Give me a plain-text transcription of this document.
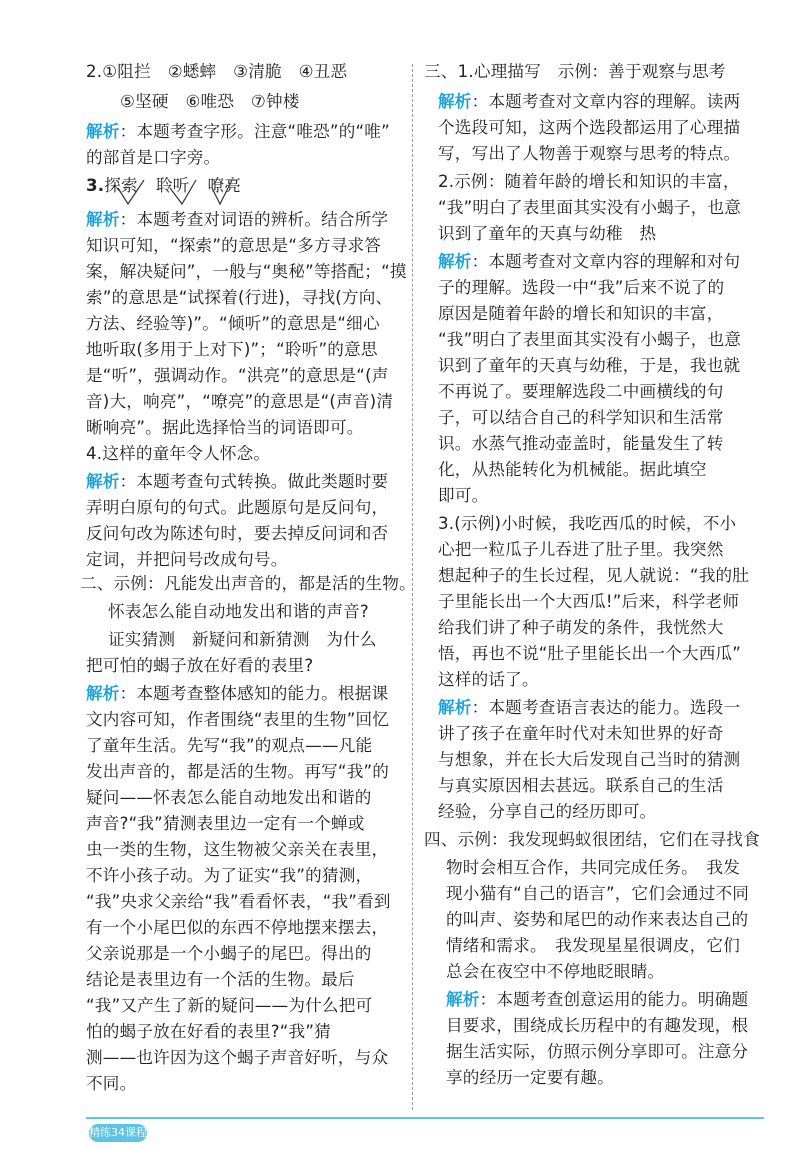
2.①阻拦　②蟋蟀　③清脆　④丑恶
⑤坚硬　⑥唯恐　⑦钟楼
解析：本题考查字形。注意“唯恐”的“唯”
的部首是口字旁。
3.探索 聆听 嘹亮
解析：本题考查对词语的辨析。结合所学
知识可知，“探索”的意思是“多方寻求答
案，解决疑问”，一般与“奥秘”等搭配；“摸
索”的意思是“试探着(行进)，寻找(方向、
方法、经验等)”。“倾听”的意思是“细心
地听取(多用于上对下)”；“聆听”的意思
是“听”，强调动作。“洪亮”的意思是“(声
音)大，响亮”，“嘹亮”的意思是“(声音)清
晰响亮”。据此选择恰当的词语即可。
4.这样的童年令人怀念。
解析：本题考查句式转换。做此类题时要
弄明白原句的句式。此题原句是反问句，
反问句改为陈述句时，要去掉反问词和否
定词，并把问号改成句号。
二、示例：凡能发出声音的，都是活的生物。
怀表怎么能自动地发出和谐的声音?
证实猜测　新疑问和新猜测　为什么
把可怕的蝎子放在好看的表里?
解析：本题考查整体感知的能力。根据课
文内容可知，作者围绕“表里的生物”回忆
了童年生活。先写“我”的观点——凡能
发出声音的，都是活的生物。再写“我”的
疑问——怀表怎么能自动地发出和谐的
声音?“我”猜测表里边一定有一个蝉或
虫一类的生物，这生物被父亲关在表里，
不许小孩子动。为了证实“我”的猜测，
“我”央求父亲给“我”看看怀表，“我”看到
有一个小尾巴似的东西不停地摆来摆去，
父亲说那是一个小蝎子的尾巴。得出的
结论是表里边有一个活的生物。最后
“我”又产生了新的疑问——为什么把可
怕的蝎子放在好看的表里?“我”猜
测——也许因为这个蝎子声音好听，与众
不同。
三、1.心理描写　示例：善于观察与思考
解析：本题考查对文章内容的理解。读两
个选段可知，这两个选段都运用了心理描
写，写出了人物善于观察与思考的特点。
2.示例：随着年龄的增长和知识的丰富，
“我”明白了表里面其实没有小蝎子，也意
识到了童年的天真与幼稚　热
解析：本题考查对文章内容的理解和对句
子的理解。选段一中“我”后来不说了的
原因是随着年龄的增长和知识的丰富，
“我”明白了表里面其实没有小蝎子，也意
识到了童年的天真与幼稚，于是，我也就
不再说了。要理解选段二中画横线的句
子，可以结合自己的科学知识和生活常
识。水蒸气推动壶盖时，能量发生了转
化，从热能转化为机械能。据此填空
即可。
3.(示例)小时候，我吃西瓜的时候，不小
心把一粒瓜子儿吞进了肚子里。我突然
想起种子的生长过程，见人就说：“我的肚
子里能长出一个大西瓜!”后来，科学老师
给我们讲了种子萌发的条件，我恍然大
悟，再也不说“肚子里能长出一个大西瓜”
这样的话了。
解析：本题考查语言表达的能力。选段一
讲了孩子在童年时代对未知世界的好奇
与想象，并在长大后发现自己当时的猜测
与真实原因相去甚远。联系自己的生活
经验，分享自己的经历即可。
四、示例：我发现蚂蚁很团结，它们在寻找食
物时会相互合作，共同完成任务。　我发
现小猫有“自己的语言”，它们会通过不同
的叫声、姿势和尾巴的动作来表达自己的
情绪和需求。　我发现星星很调皮，它们
总会在夜空中不停地眨眼睛。
解析：本题考查创意运用的能力。明确题
目要求，围绕成长历程中的有趣发现，根
据生活实际，仿照示例分享即可。注意分
享的经历一定要有趣。
精练34课程
